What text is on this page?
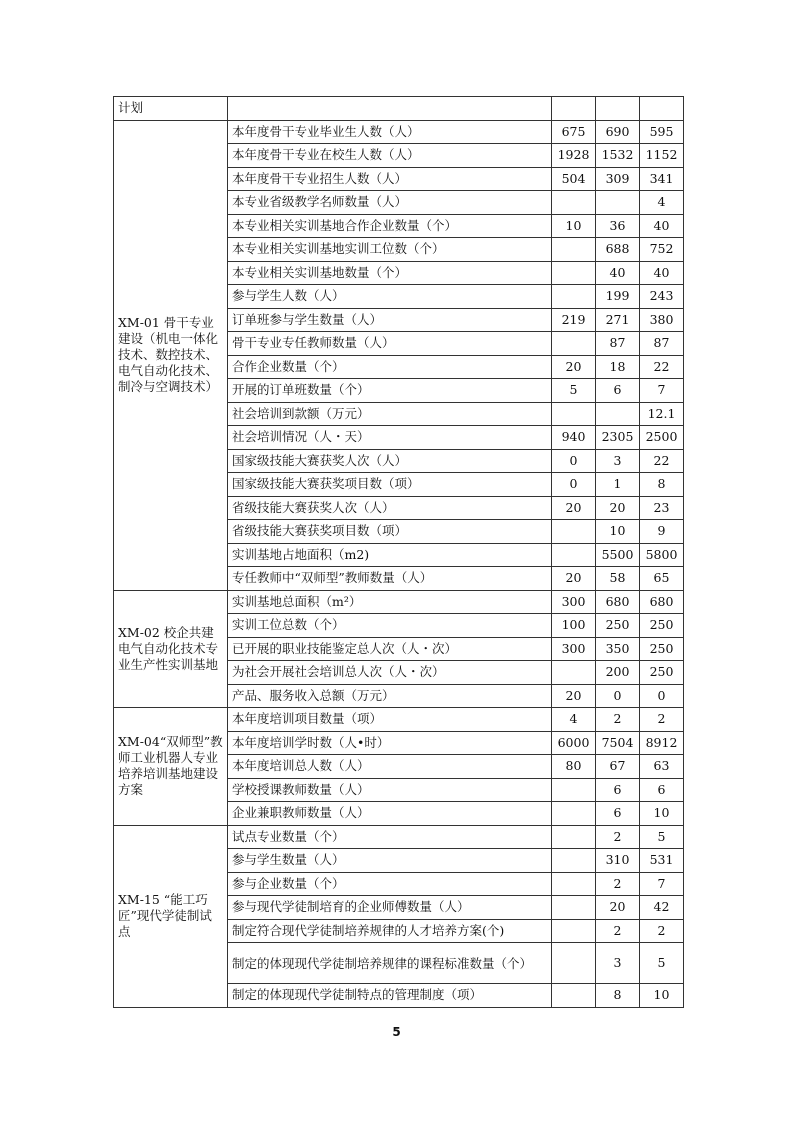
计划				
XM-01 骨干专业建设（机电一体化技术、数控技术、电气自动化技术、制冷与空调技术）	本年度骨干专业毕业生人数（人）	675	690	595
	本年度骨干专业在校生人数（人）	1928	1532	1152
	本年度骨干专业招生人数（人）	504	309	341
	本专业省级教学名师数量（人）			4
	本专业相关实训基地合作企业数量（个）	10	36	40
	本专业相关实训基地实训工位数（个）		688	752
	本专业相关实训基地数量（个）		40	40
	参与学生人数（人）		199	243
	订单班参与学生数量（人）	219	271	380
	骨干专业专任教师数量（人）		87	87
	合作企业数量（个）	20	18	22
	开展的订单班数量（个）	5	6	7
	社会培训到款额（万元）			12.1
	社会培训情况（人・天）	940	2305	2500
	国家级技能大赛获奖人次（人）	0	3	22
	国家级技能大赛获奖项目数（项）	0	1	8
	省级技能大赛获奖人次（人）	20	20	23
	省级技能大赛获奖项目数（项）		10	9
	实训基地占地面积（m2)		5500	5800
	专任教师中“双师型”教师数量（人）	20	58	65
XM-02 校企共建电气自动化技术专业生产性实训基地	实训基地总面积（m²）	300	680	680
	实训工位总数（个）	100	250	250
	已开展的职业技能鉴定总人次（人・次）	300	350	250
	为社会开展社会培训总人次（人・次）		200	250
	产品、服务收入总额（万元）	20	0	0
XM-04“双师型”教师工业机器人专业培养培训基地建设方案	本年度培训项目数量（项）	4	2	2
	本年度培训学时数（人•时）	6000	7504	8912
	本年度培训总人数（人）	80	67	63
	学校授课教师数量（人）		6	6
	企业兼职教师数量（人）		6	10
XM-15 “能工巧匠”现代学徒制试点	试点专业数量（个）		2	5
	参与学生数量（人）		310	531
	参与企业数量（个）		2	7
	参与现代学徒制培育的企业师傅数量（人）		20	42
	制定符合现代学徒制培养规律的人才培养方案(个)		2	2
	制定的体现现代学徒制培养规律的课程标准数量（个）		3	5
	制定的体现现代学徒制特点的管理制度（项）		8	10
5
